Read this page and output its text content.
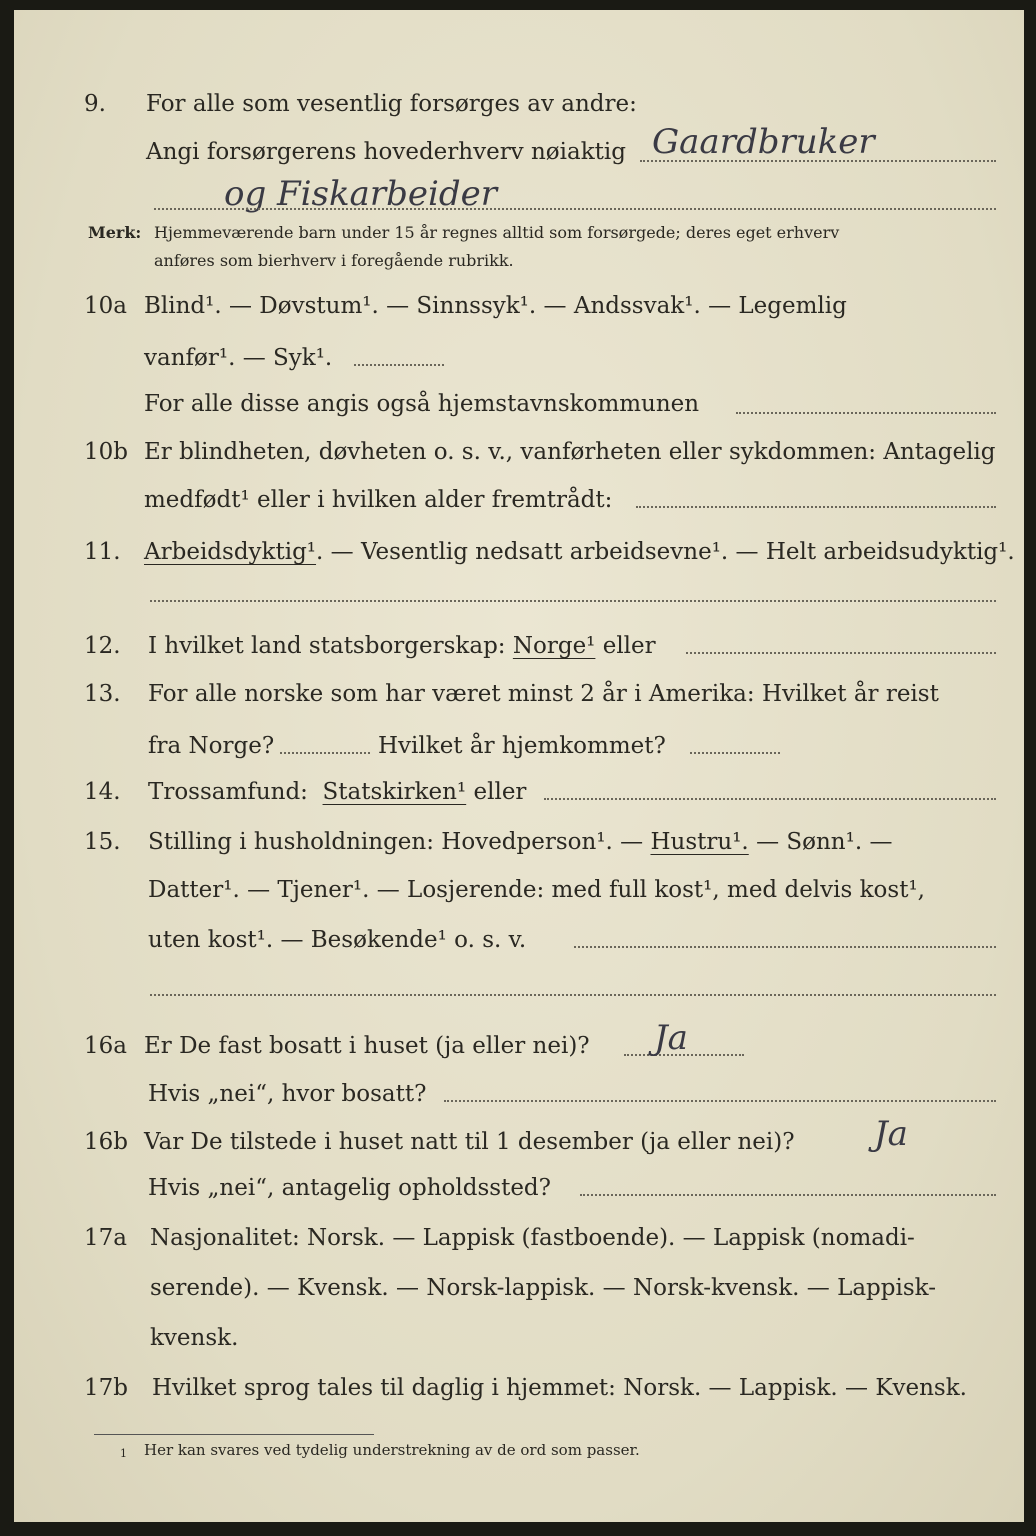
9. For alle som vesentlig forsørges av andre:
Angi forsørgerens hovederhverv nøiaktig Gaardbruker
og Fiskarbeider
Merk: Hjemmeværende barn under 15 år regnes alltid som forsørgede; deres eget erhverv
anføres som bierhverv i foregående rubrikk.
10a Blind¹. — Døvstum¹. — Sinnssyk¹. — Andssvak¹. — Legemlig
vanfør¹. — Syk¹.
For alle disse angis også hjemstavnskommunen
10b Er blindheten, døvheten o. s. v., vanførheten eller sykdommen: Antagelig
medfødt¹ eller i hvilken alder fremtrådt:
11. Arbeidsdyktig¹. — Vesentlig nedsatt arbeidsevne¹. — Helt arbeidsudyktig¹.
12. I hvilket land statsborgerskap: Norge¹ eller
13. For alle norske som har været minst 2 år i Amerika: Hvilket år reist
fra Norge?	Hvilket år hjemkommet?
14. Trossamfund: Statskirken¹ eller
15. Stilling i husholdningen: Hovedperson¹. — Hustru¹. — Sønn¹. —
Datter¹. — Tjener¹. — Losjerende: med full kost¹, med delvis kost¹,
uten kost¹. — Besøkende¹ o. s. v.
16a Er De fast bosatt i huset (ja eller nei)? Ja
Hvis „nei“, hvor bosatt?
16b Var De tilstede i huset natt til 1 desember (ja eller nei)? Ja
Hvis „nei“, antagelig opholdssted?
17a Nasjonalitet: Norsk. — Lappisk (fastboende). — Lappisk (nomadi-
serende). — Kvensk. — Norsk-lappisk. — Norsk-kvensk. — Lappisk-
kvensk.
17b Hvilket sprog tales til daglig i hjemmet: Norsk. — Lappisk. — Kvensk.
1 Her kan svares ved tydelig understrekning av de ord som passer.
